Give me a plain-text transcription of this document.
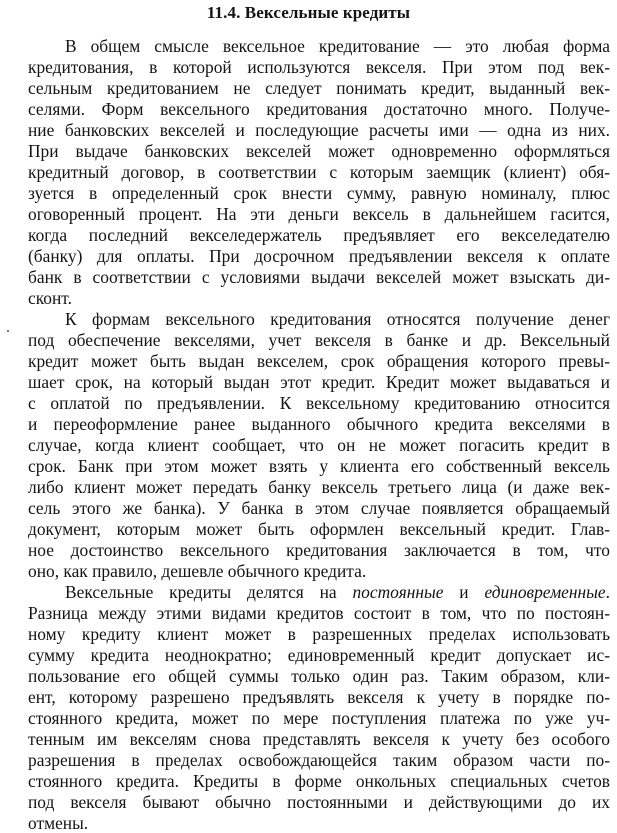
11.4. Вексельные кредиты
В общем смысле вексельное кредитование — это любая форма
кредитования, в которой используются векселя. При этом под век-
сельным кредитованием не следует понимать кредит, выданный век-
селями. Форм вексельного кредитования достаточно много. Получе-
ние банковских векселей и последующие расчеты ими — одна из них.
При выдаче банковских векселей может одновременно оформляться
кредитный договор, в соответствии с которым заемщик (клиент) обя-
зуется в определенный срок внести сумму, равную номиналу, плюс
оговоренный процент. На эти деньги вексель в дальнейшем гасится,
когда последний векселедержатель предъявляет его векселедателю
(банку) для оплаты. При досрочном предъявлении векселя к оплате
банк в соответствии с условиями выдачи векселей может взыскать ди-
сконт.
К формам вексельного кредитования относятся получение денег
под обеспечение векселями, учет векселя в банке и др. Вексельный
кредит может быть выдан векселем, срок обращения которого превы-
шает срок, на который выдан этот кредит. Кредит может выдаваться и
с оплатой по предъявлении. К вексельному кредитованию относится
и переоформление ранее выданного обычного кредита векселями в
случае, когда клиент сообщает, что он не может погасить кредит в
срок. Банк при этом может взять у клиента его собственный вексель
либо клиент может передать банку вексель третьего лица (и даже век-
сель этого же банка). У банка в этом случае появляется обращаемый
документ, которым может быть оформлен вексельный кредит. Глав-
ное достоинство вексельного кредитования заключается в том, что
оно, как правило, дешевле обычного кредита.
Вексельные кредиты делятся на постоянные и единовременные.
Разница между этими видами кредитов состоит в том, что по постоян-
ному кредиту клиент может в разрешенных пределах использовать
сумму кредита неоднократно; единовременный кредит допускает ис-
пользование его общей суммы только один раз. Таким образом, кли-
ент, которому разрешено предъявлять векселя к учету в порядке по-
стоянного кредита, может по мере поступления платежа по уже уч-
тенным им векселям снова представлять векселя к учету без особого
разрешения в пределах освобождающейся таким образом части по-
стоянного кредита. Кредиты в форме онкольных специальных счетов
под векселя бывают обычно постоянными и действующими до их
отмены.
